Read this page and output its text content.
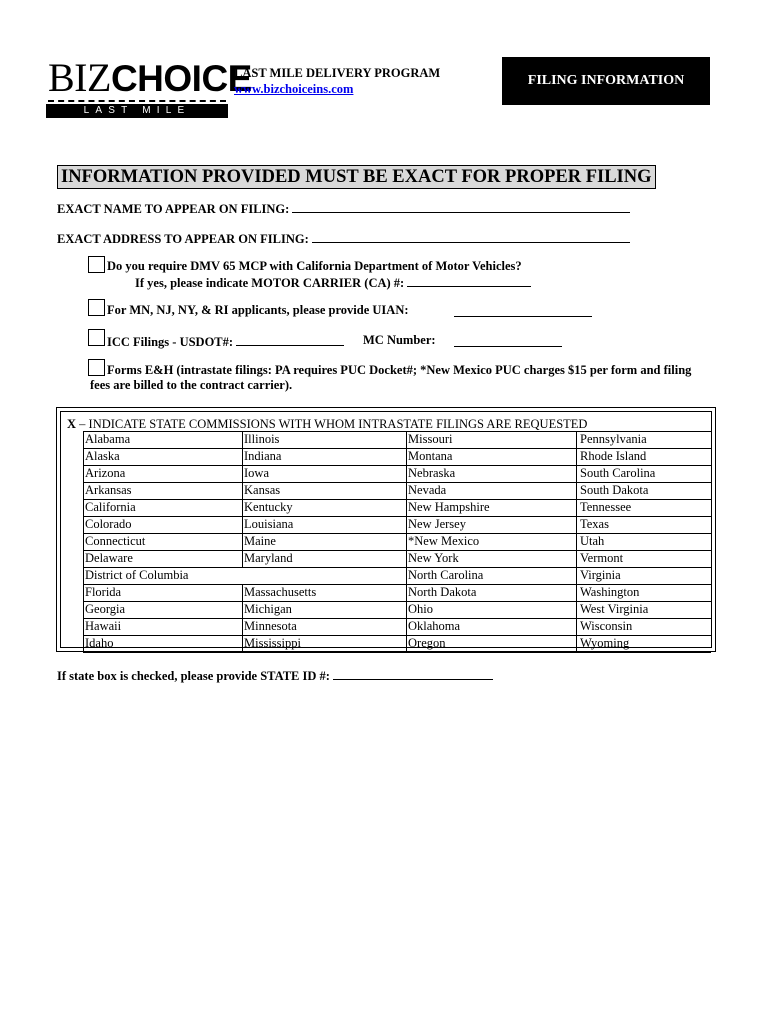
BIZCHOICE
LAST MILE LOGISTICS
LAST MILE DELIVERY PROGRAM
www.bizchoiceins.com
FILING INFORMATION
INFORMATION PROVIDED MUST BE EXACT FOR PROPER FILING
EXACT NAME TO APPEAR ON FILING:
EXACT ADDRESS TO APPEAR ON FILING:
Do you require DMV 65 MCP with California Department of Motor Vehicles?
If yes, please indicate MOTOR CARRIER (CA) #:
For MN, NJ, NY, & RI applicants, please provide UIAN:
ICC Filings - USDOT#:	MC Number:
Forms E&H (intrastate filings: PA requires PUC Docket#; *New Mexico PUC charges $15 per form and filing
fees are billed to the contract carrier).
X – INDICATE STATE COMMISSIONS WITH WHOM INTRASTATE FILINGS ARE REQUESTED
Alabama
Alaska
Arizona
Arkansas
California
Colorado
Connecticut
Delaware
District of Columbia
Florida
Georgia
Hawaii
Idaho
Illinois
Indiana
Iowa
Kansas
Kentucky
Louisiana
Maine
Maryland
Massachusetts
Michigan
Minnesota
Mississippi
Missouri
Montana
Nebraska
Nevada
New Hampshire
New Jersey
*New Mexico
New York
North Carolina
North Dakota
Ohio
Oklahoma
Oregon
Pennsylvania
Rhode Island
South Carolina
South Dakota
Tennessee
Texas
Utah
Vermont
Virginia
Washington
West Virginia
Wisconsin
Wyoming
If state box is checked, please provide STATE ID #:
